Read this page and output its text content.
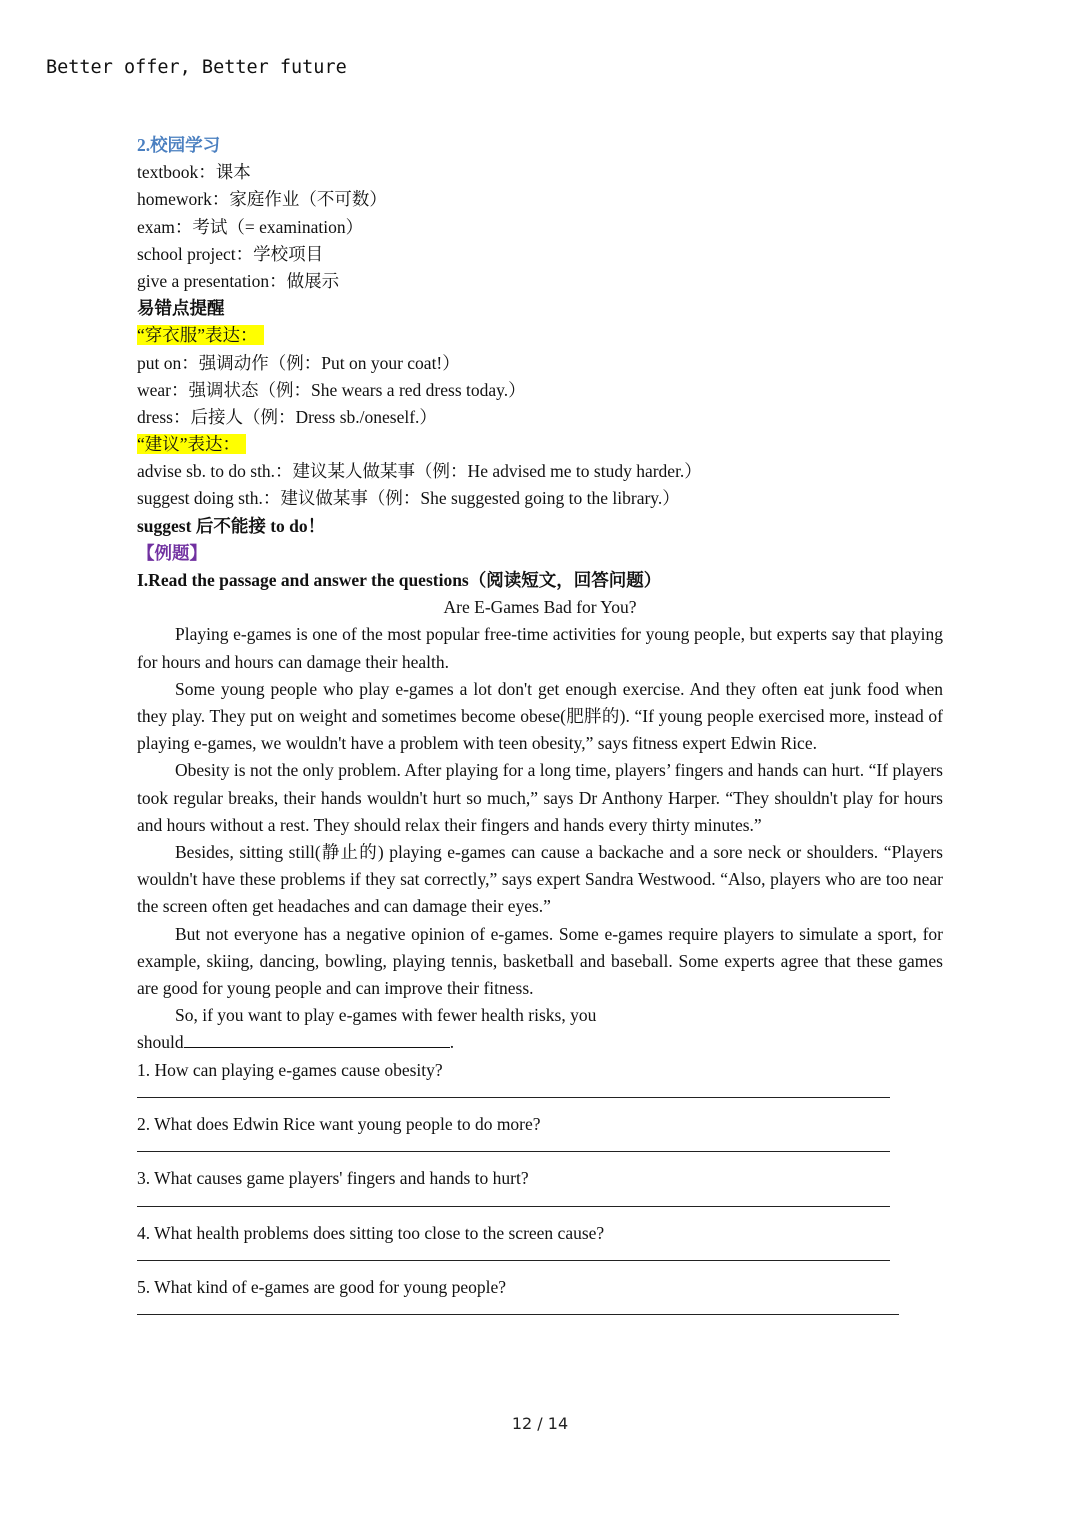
Better offer, Better future
2.校园学习
textbook：课本
homework：家庭作业（不可数）
exam：考试（= examination）
school project：学校项目
give a presentation：做展示
易错点提醒
“穿衣服”表达：
put on：强调动作（例：Put on your coat!）
wear：强调状态（例：She wears a red dress today.）
dress：后接人（例：Dress sb./oneself.）
“建议”表达：
advise sb. to do sth.：建议某人做某事（例：He advised me to study harder.）
suggest doing sth.：建议做某事（例：She suggested going to the library.）
suggest 后不能接 to do！
【例题】
I.Read the passage and answer the questions（阅读短文，回答问题）
Are E-Games Bad for You?

Playing e-games is one of the most popular free-time activities for young people, but experts say that playing for hours and hours can damage their health.

Some young people who play e-games a lot don't get enough exercise. And they often eat junk food when they play. They put on weight and sometimes become obese(肥胖的). “If young people exercised more, instead of playing e-games, we wouldn't have a problem with teen obesity,” says fitness expert Edwin Rice.

Obesity is not the only problem. After playing for a long time, players’ fingers and hands can hurt. “If players took regular breaks, their hands wouldn't hurt so much,” says Dr Anthony Harper. “They shouldn't play for hours and hours without a rest. They should relax their fingers and hands every thirty minutes.”

Besides, sitting still(静止的) playing e-games can cause a backache and a sore neck or shoulders. “Players wouldn't have these problems if they sat correctly,” says expert Sandra Westwood. “Also, players who are too near the screen often get headaches and can damage their eyes.”

But not everyone has a negative opinion of e-games. Some e-games require players to simulate a sport, for example, skiing, dancing, bowling, playing tennis, basketball and baseball. Some experts agree that these games are good for young people and can improve their fitness.

So, if you want to play e-games with fewer health risks, you
should	.
1. How can playing e-games cause obesity?
2. What does Edwin Rice want young people to do more?
3. What causes game players' fingers and hands to hurt?
4. What health problems does sitting too close to the screen cause?
5. What kind of e-games are good for young people?
12 / 14
